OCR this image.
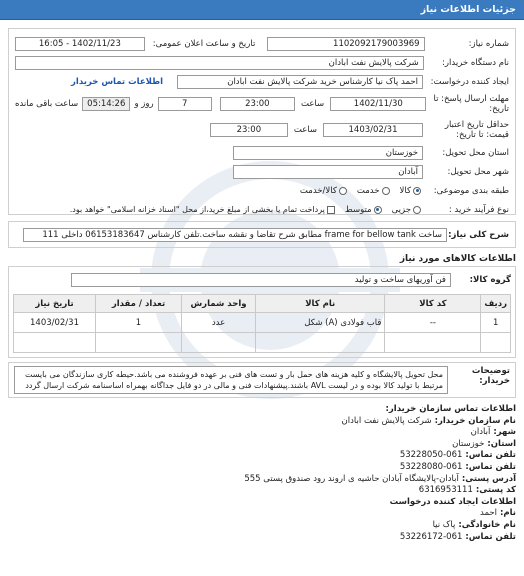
جزئیات اطلاعات نیاز
شماره نیاز:
1102092179003969
تاریخ و ساعت اعلان عمومی:
1402/11/23 - 16:05
نام دستگاه خریدار:
شرکت پالایش نفت ابادان
ایجاد کننده درخواست:
احمد پاک نیا کارشناس خرید شرکت پالایش نفت ابادان
اطلاعات تماس خریدار
مهلت ارسال پاسخ: تا تاریخ:
1402/11/30
ساعت
23:00
7
روز و
05:14:26
ساعت باقی مانده
حداقل تاریخ اعتبار قیمت: تا تاریخ:
1403/02/31
ساعت
23:00
استان محل تحویل:
خوزستان
شهر محل تحویل:
آبادان
طبقه بندی موضوعی:
کالا
خدمت
کالا/خدمت
نوع فرآیند خرید :
جزیی
متوسط
پرداخت تمام یا بخشی از مبلغ خرید،از محل "اسناد خزانه اسلامی" خواهد بود.
شرح کلی نیاز:
ساخت frame for bellow tank مطابق شرح تقاضا و نقشه ساخت.تلفن کارشناس 06153183647 داخلی 111
اطلاعات کالاهای مورد نیاز
گروه کالا:
فن آوریهای ساخت و تولید
ردیف	کد کالا	نام کالا	واحد شمارش	تعداد / مقدار	تاریخ نیاز
1	--	قاب فولادی (A) شکل	عدد	1	1403/02/31

توضیحات خریدار:
محل تحویل پالایشگاه و کلیه هزینه های حمل بار و تست های فنی بر عهده فروشنده می باشد.حیطه کاری سازندگان می بایست مرتبط با تولید کالا بوده و در لیست AVL باشند.پیشنهادات فنی و مالی در دو فایل جداگانه بهمراه اساسنامه شرکت ارسال گردد
اطلاعات تماس سازمان خریدار:
نام سازمان خریدار:شرکت پالایش نفت ابادان
شهر:آبادان
استان:خوزستان
تلفن تماس:061-53228050
تلفن تماس:061-53228080
آدرس پستی:آبادان-پالایشگاه آبادان حاشیه ی اروند رود صندوق پستی 555
کد پستی:6316953111
اطلاعات ایجاد کننده درخواست
نام:احمد
نام خانوادگی:پاک نیا
تلفن تماس:061-53226172
